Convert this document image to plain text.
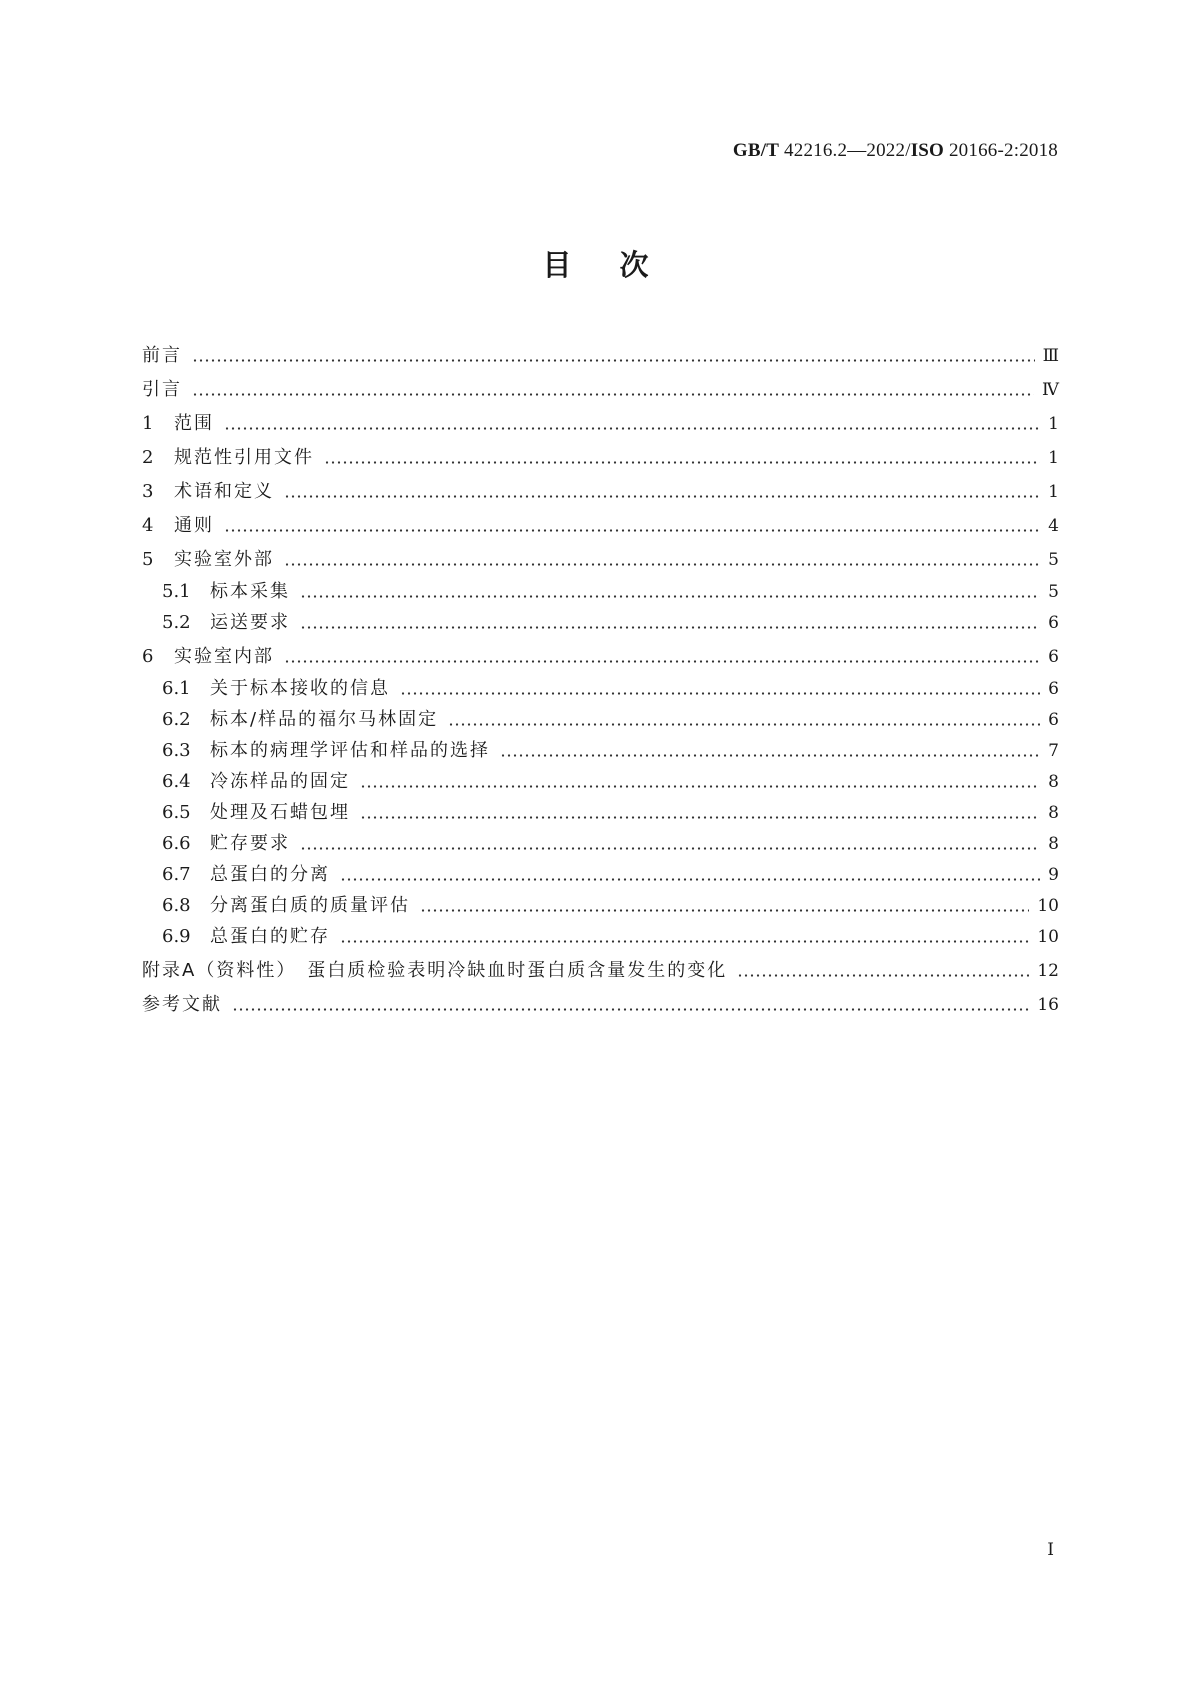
GB/T 42216.2—2022/ISO 20166-2:2018
目次
前言	Ⅲ
引言	Ⅳ
1	范围	1
2	规范性引用文件	1
3	术语和定义	1
4	通则	4
5	实验室外部	5
5.1	标本采集	5
5.2	运送要求	6
6	实验室内部	6
6.1	关于标本接收的信息	6
6.2	标本/样品的福尔马林固定	6
6.3	标本的病理学评估和样品的选择	7
6.4	冷冻样品的固定	8
6.5	处理及石蜡包埋	8
6.6	贮存要求	8
6.7	总蛋白的分离	9
6.8	分离蛋白质的质量评估	10
6.9	总蛋白的贮存	10
附录A（资料性）　蛋白质检验表明冷缺血时蛋白质含量发生的变化	12
参考文献	16
I
